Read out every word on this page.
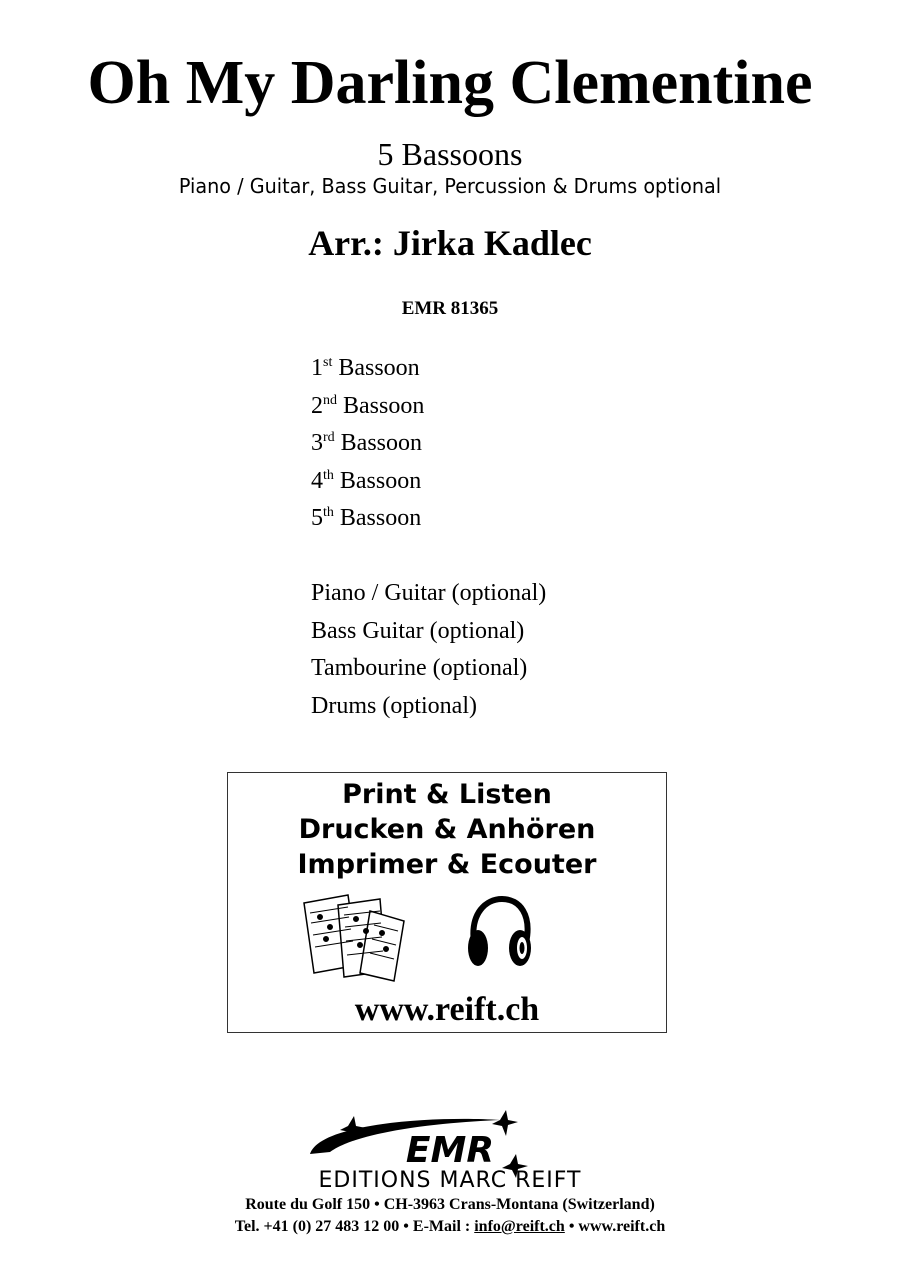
Oh My Darling Clementine
5 Bassoons
Piano / Guitar, Bass Guitar, Percussion & Drums optional
Arr.: Jirka Kadlec
EMR 81365
1st Bassoon
2nd Bassoon
3rd Bassoon
4th Bassoon
5th Bassoon
Piano / Guitar (optional)
Bass Guitar (optional)
Tambourine (optional)
Drums (optional)
Print & Listen
Drucken & Anhören
Imprimer & Ecouter
www.reift.ch
EMR
EDITIONS MARC REIFT
Route du Golf 150 • CH-3963 Crans-Montana (Switzerland)
Tel. +41 (0) 27 483 12 00 • E-Mail : info@reift.ch • www.reift.ch
